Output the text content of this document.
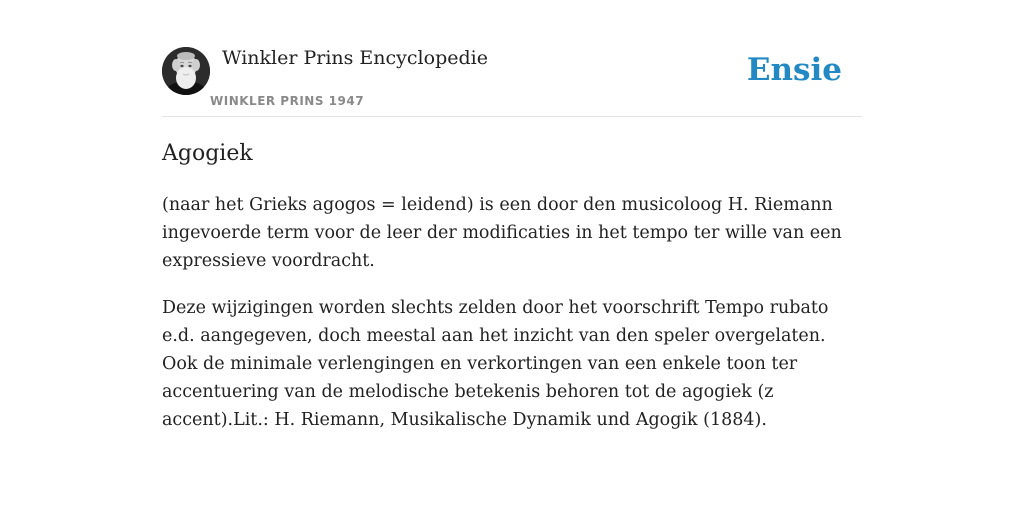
Winkler Prins Encyclopedie
WINKLER PRINS 1947
Ensie
Agogiek

(naar het Grieks agogos = leidend) is een door den musicoloog H. Riemann ingevoerde term voor de leer der modificaties in het tempo ter wille van een expressieve voordracht.

Deze wijzigingen worden slechts zelden door het voorschrift Tempo rubato e.d. aangegeven, doch meestal aan het inzicht van den speler overgelaten. Ook de minimale verlengingen en verkortingen van een enkele toon ter accentuering van de melodische betekenis behoren tot de agogiek (z accent).Lit.: H. Riemann, Musikalische Dynamik und Agogik (1884).
